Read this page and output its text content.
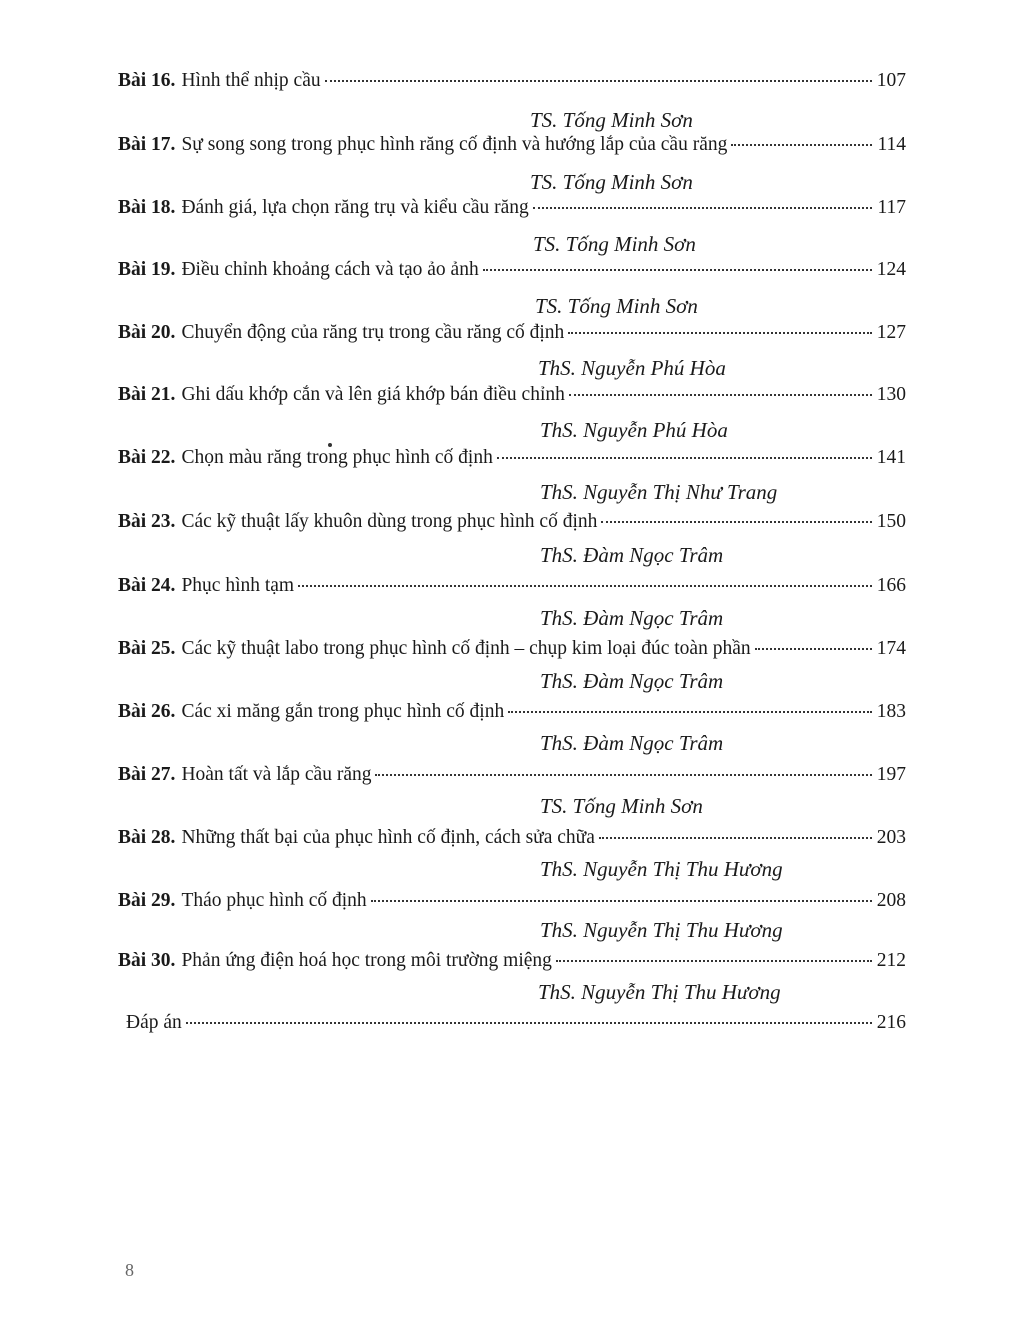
Bài 16. Hình thể nhịp cầu	107
TS. Tống Minh Sơn
Bài 17. Sự song song trong phục hình răng cố định và hướng lắp của cầu răng	114
TS. Tống Minh Sơn
Bài 18. Đánh giá, lựa chọn răng trụ và kiểu cầu răng	117
TS. Tống Minh Sơn
Bài 19. Điều chỉnh khoảng cách và tạo ảo ảnh	124
TS. Tống Minh Sơn
Bài 20. Chuyển động của răng trụ trong cầu răng cố định	127
ThS. Nguyễn Phú Hòa
Bài 21. Ghi dấu khớp cắn và lên giá khớp bán điều chỉnh	130
ThS. Nguyễn Phú Hòa
Bài 22. Chọn màu răng trong phục hình cố định	141
ThS. Nguyễn Thị Như Trang
Bài 23. Các kỹ thuật lấy khuôn dùng trong phục hình cố định	150
ThS. Đàm Ngọc Trâm
Bài 24. Phục hình tạm	166
ThS. Đàm Ngọc Trâm
Bài 25. Các kỹ thuật labo trong phục hình cố định – chụp kim loại đúc toàn phần	174
ThS. Đàm Ngọc Trâm
Bài 26. Các xi măng gắn trong phục hình cố định	183
ThS. Đàm Ngọc Trâm
Bài 27. Hoàn tất và lắp cầu răng	197
TS. Tống Minh Sơn
Bài 28. Những thất bại của phục hình cố định, cách sửa chữa	203
ThS. Nguyễn Thị Thu Hương
Bài 29. Tháo phục hình cố định	208
ThS. Nguyễn Thị Thu Hương
Bài 30. Phản ứng điện hoá học trong môi trường miệng	212
ThS. Nguyễn Thị Thu Hương
Đáp án	216
8
